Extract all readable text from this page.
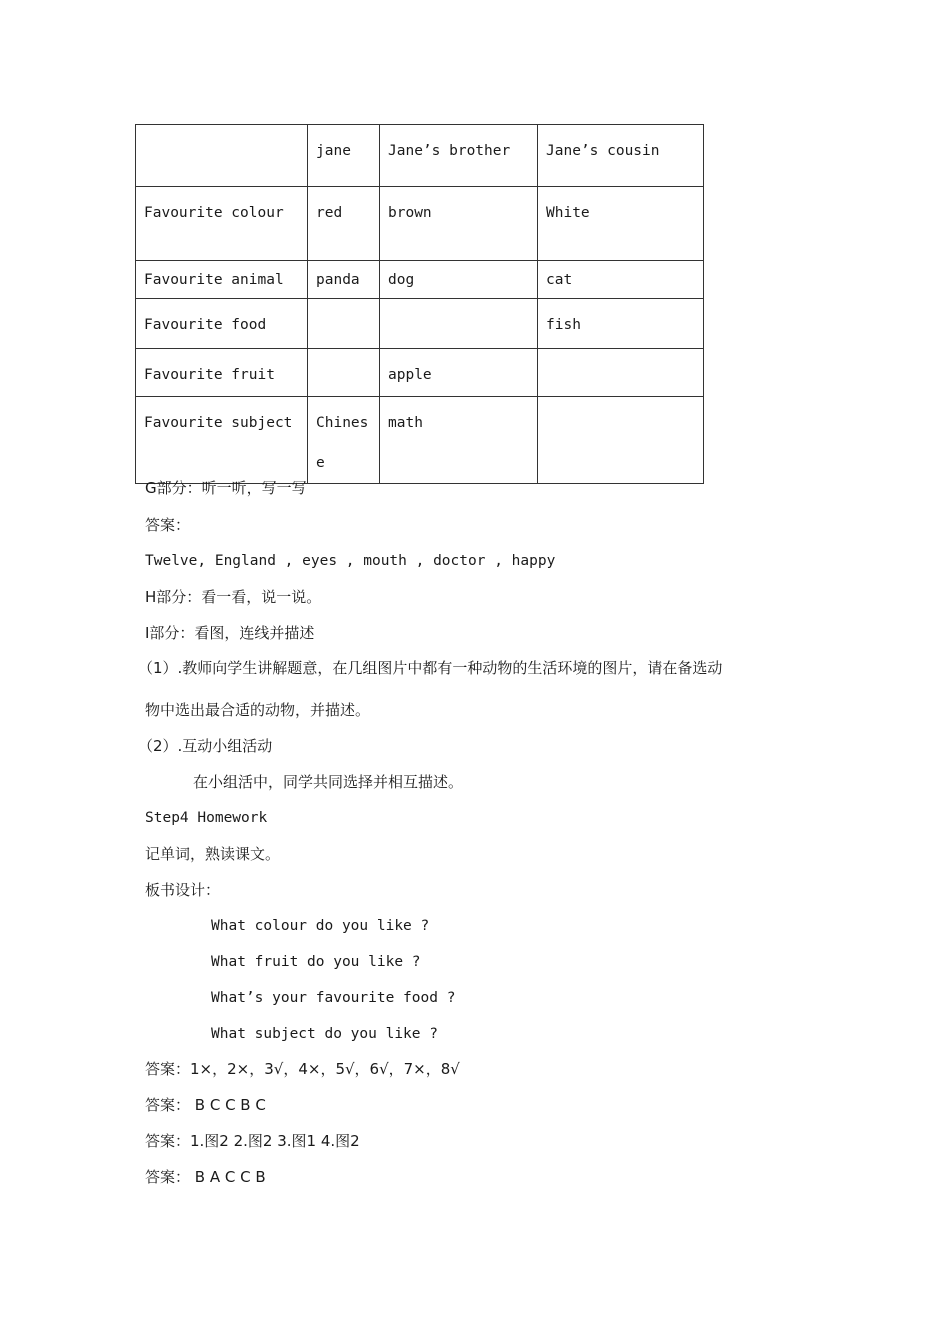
	jane	Jane’s brother	Jane’s cousin
Favourite colour	red	brown	White
Favourite animal	panda	dog	cat
Favourite food			fish
Favourite fruit		apple	
Favourite subject	Chinese	math	
G部分：听一听，写一写
答案：
Twelve, England , eyes , mouth , doctor , happy
H部分：看一看，说一说。
I部分：看图，连线并描述
（1）.教师向学生讲解题意，在几组图片中都有一种动物的生活环境的图片，请在备选动
物中选出最合适的动物，并描述。
（2）.互动小组活动
在小组活中，同学共同选择并相互描述。
Step4 Homework
记单词，熟读课文。
板书设计：
What colour do you like ?
What fruit do you like ?
What’s your favourite food ?
What subject do you like ?
答案：1×，2×，3√，4×，5√，6√，7×，8√
答案： B C C B C
答案：1.图2 2.图2 3.图1 4.图2
答案： B A C C B
